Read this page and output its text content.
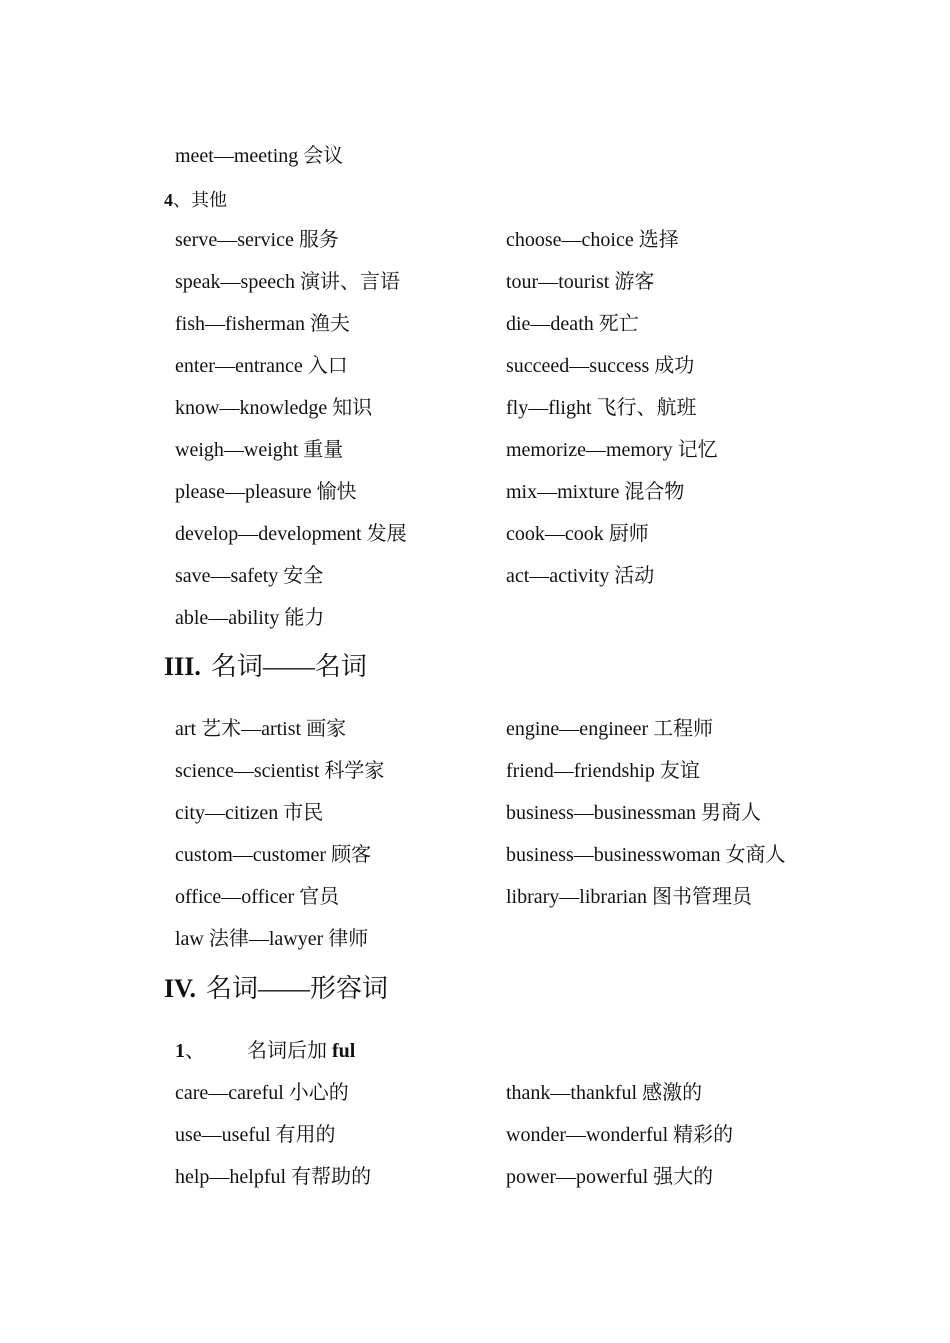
meet—meeting 会议
4、其他
serve—service 服务
speak—speech 演讲、言语
fish—fisherman 渔夫
enter—entrance 入口
know—knowledge 知识
weigh—weight 重量
please—pleasure 愉快
develop—development 发展
save—safety 安全
able—ability 能力
choose—choice 选择
tour—tourist 游客
die—death 死亡
succeed—success 成功
fly—flight 飞行、航班
memorize—memory 记忆
mix—mixture 混合物
cook—cook 厨师
act—activity 活动
III. 名词——名词
art 艺术—artist 画家
science—scientist 科学家
city—citizen 市民
custom—customer 顾客
office—officer 官员
law 法律—lawyer 律师
engine—engineer 工程师
friend—friendship 友谊
business—businessman 男商人
business—businesswoman 女商人
library—librarian 图书管理员
IV. 名词——形容词
1、 名词后加 ful
care—careful 小心的
use—useful 有用的
help—helpful 有帮助的
thank—thankful 感激的
wonder—wonderful 精彩的
power—powerful 强大的
